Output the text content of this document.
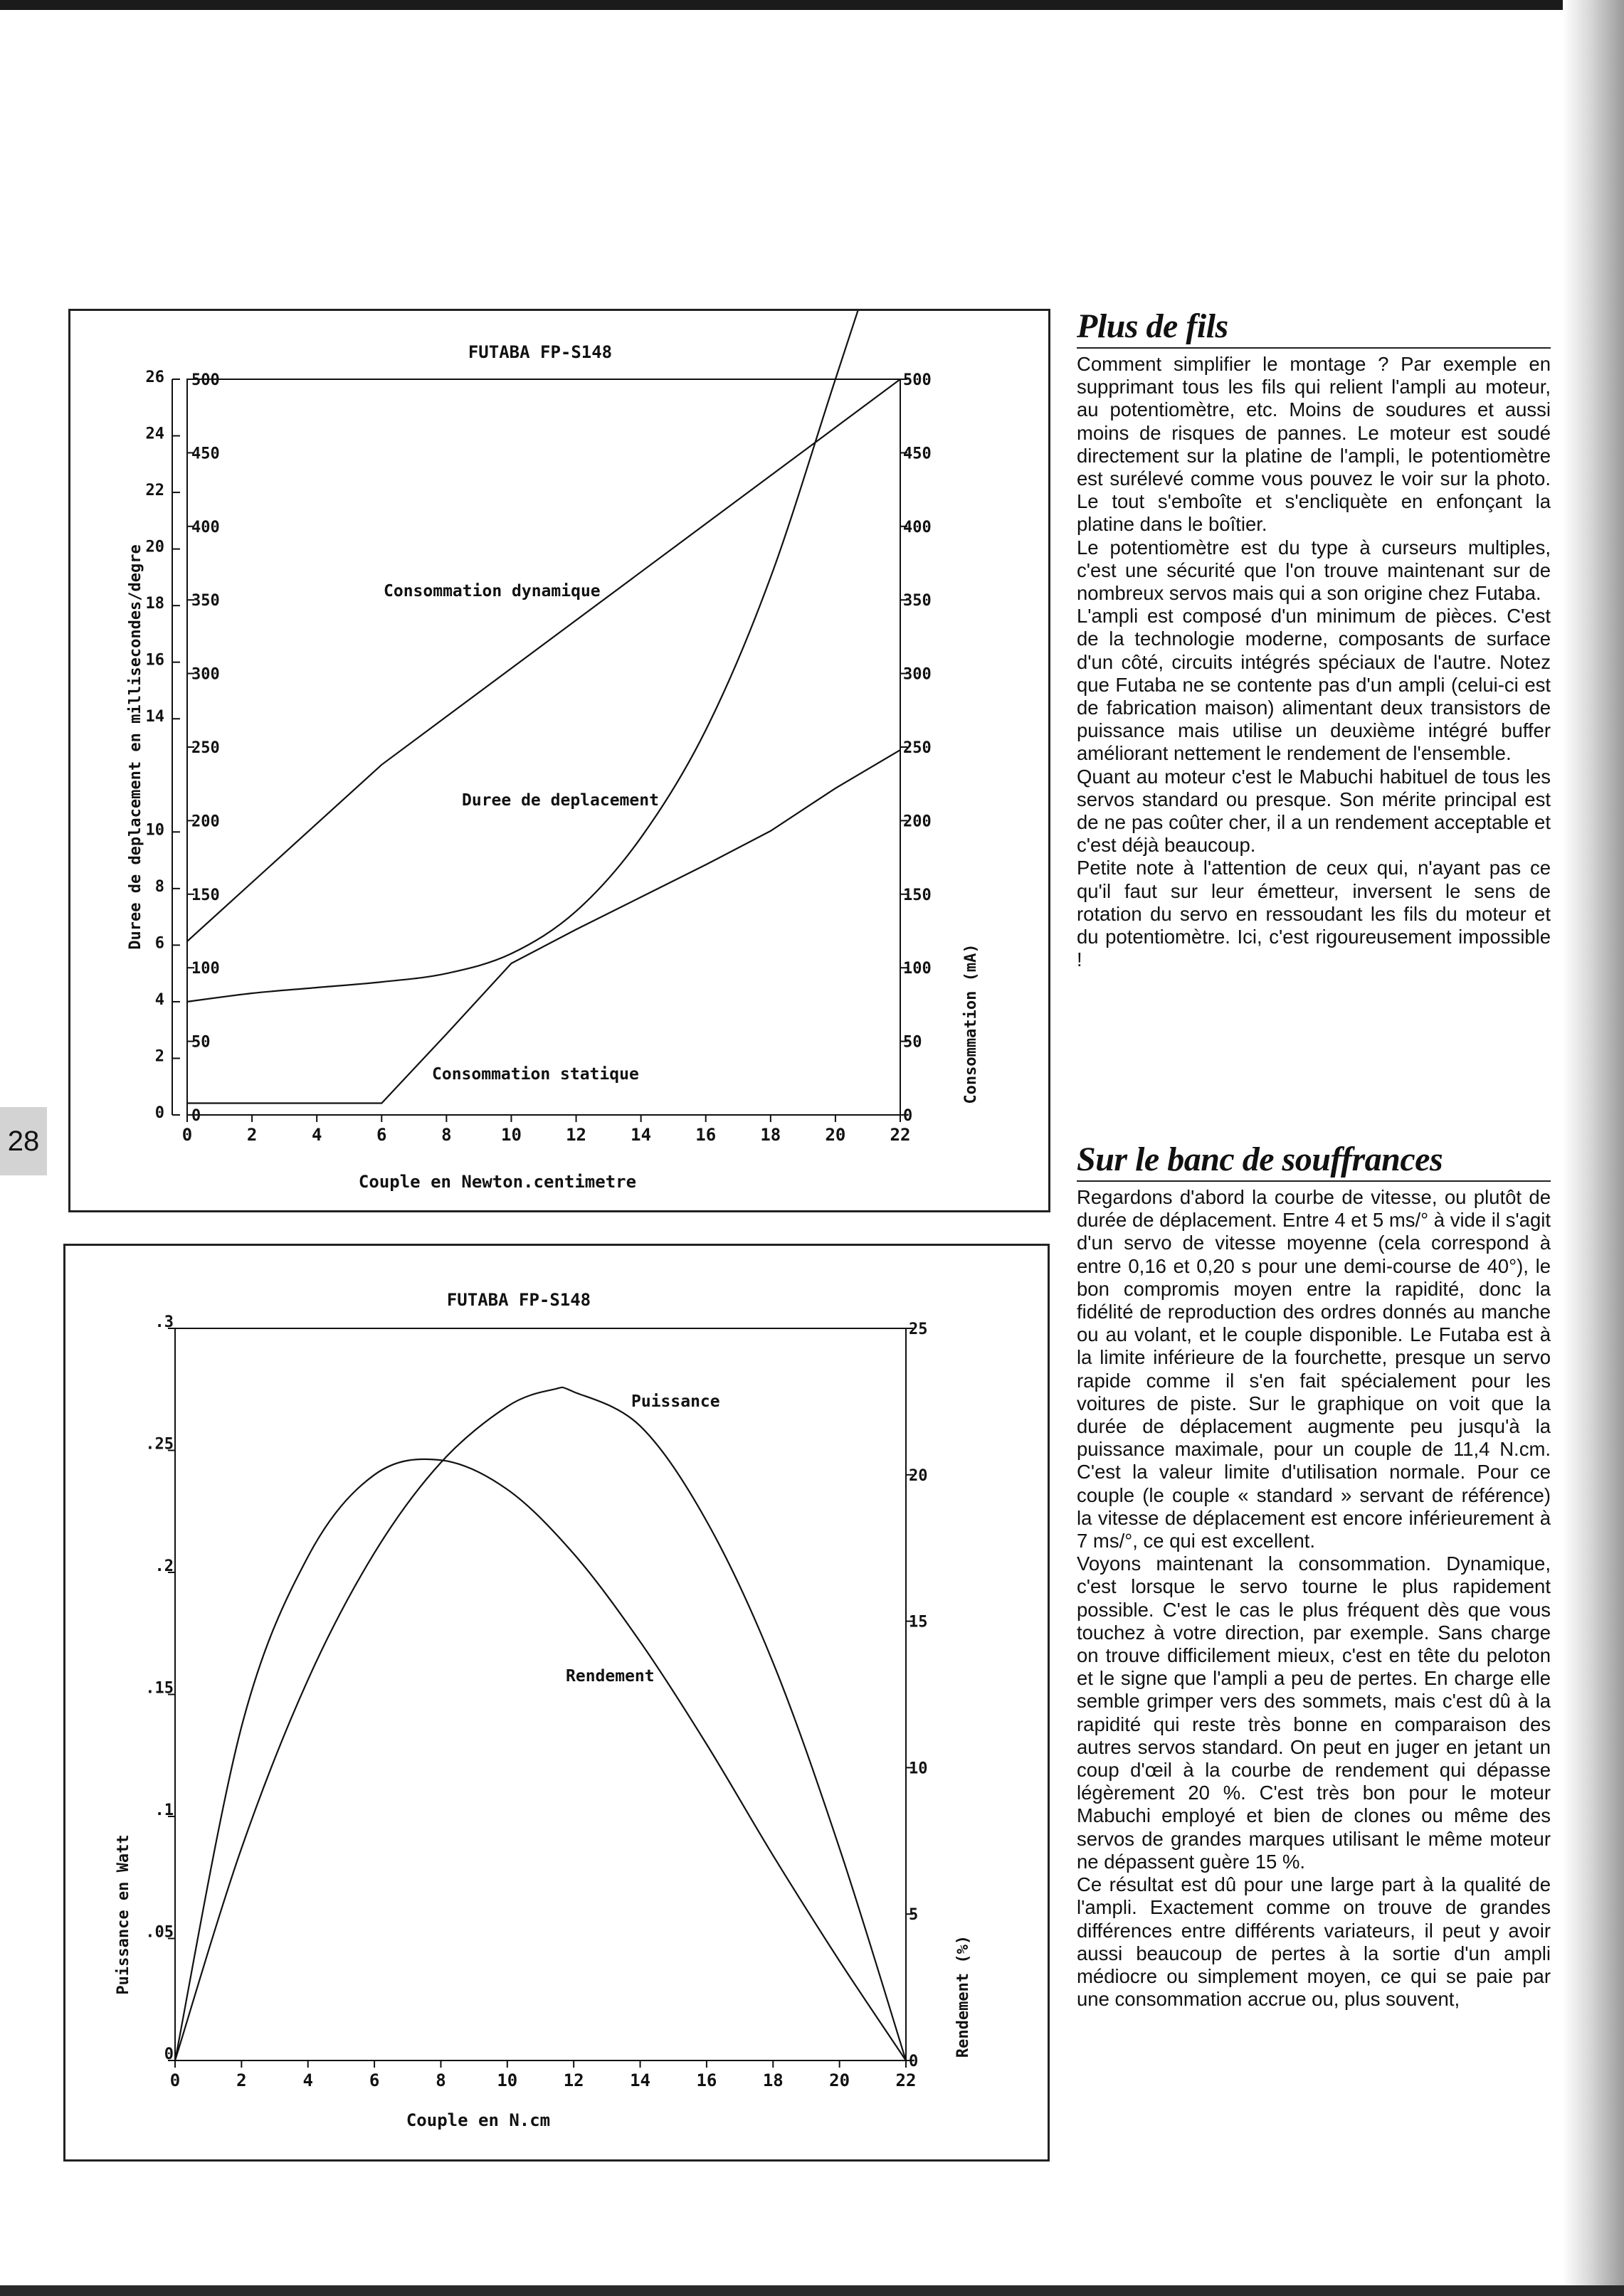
28
FUTABA FP-S148
0	2	4	6	8	10	12	14	16	18	20	22
0
2
4
6
8
10
14
16
18
20
22
24
26
0
50
100
150
200
250
300
350
400
450
500
0
50
100
150
200
250
300
350
400
450
500
Consommation dynamique
Duree de deplacement
Consommation statique
Couple en Newton.centimetre
Duree de deplacement en millisecondes/degre
Consommation (mA)
FUTABA FP-S148
0	2	4	6	8	10	12	14	16	18	20	22
0
.05
.1
.15
.2
.25
.3
0
5
10
15
20
25
Puissance
Rendement
Couple en N.cm
Puissance en Watt
Rendement (%)
Plus de fils

Comment simplifier le montage ? Par exemple en supprimant tous les fils qui relient l'ampli au moteur, au potentiomètre, etc. Moins de soudures et aussi moins de risques de pannes. Le moteur est soudé directement sur la platine de l'ampli, le potentiomètre est surélevé comme vous pouvez le voir sur la photo. Le tout s'emboîte et s'encliquète en enfonçant la platine dans le boîtier.

Le potentiomètre est du type à curseurs multiples, c'est une sécurité que l'on trouve maintenant sur de nombreux servos mais qui a son origine chez Futaba.

L'ampli est composé d'un minimum de pièces. C'est de la technologie moderne, composants de surface d'un côté, circuits intégrés spéciaux de l'autre. Notez que Futaba ne se contente pas d'un ampli (celui-ci est de fabrication maison) alimentant deux transistors de puissance mais utilise un deuxième intégré buffer améliorant nettement le rendement de l'ensemble.

Quant au moteur c'est le Mabuchi habituel de tous les servos standard ou presque. Son mérite principal est de ne pas coûter cher, il a un rendement acceptable et c'est déjà beaucoup.

Petite note à l'attention de ceux qui, n'ayant pas ce qu'il faut sur leur émetteur, inversent le sens de rotation du servo en ressoudant les fils du moteur et du potentiomètre. Ici, c'est rigoureusement impossible !

Sur le banc de souffrances

Regardons d'abord la courbe de vitesse, ou plutôt de durée de déplacement. Entre 4 et 5 ms/° à vide il s'agit d'un servo de vitesse moyenne (cela correspond à entre 0,16 et 0,20 s pour une demi-course de 40°), le bon compromis moyen entre la rapidité, donc la fidélité de reproduction des ordres donnés au manche ou au volant, et le couple disponible. Le Futaba est à la limite inférieure de la fourchette, presque un servo rapide comme il s'en fait spécialement pour les voitures de piste. Sur le graphique on voit que la durée de déplacement augmente peu jusqu'à la puissance maximale, pour un couple de 11,4 N.cm. C'est la valeur limite d'utilisation normale. Pour ce couple (le couple « standard » servant de référence) la vitesse de déplacement est encore inférieurement à 7 ms/°, ce qui est excellent.

Voyons maintenant la consommation. Dynamique, c'est lorsque le servo tourne le plus rapidement possible. C'est le cas le plus fréquent dès que vous touchez à votre direction, par exemple. Sans charge on trouve difficilement mieux, c'est en tête du peloton et le signe que l'ampli a peu de pertes. En charge elle semble grimper vers des sommets, mais c'est dû à la rapidité qui reste très bonne en comparaison des autres servos standard. On peut en juger en jetant un coup d'œil à la courbe de rendement qui dépasse légèrement 20 %. C'est très bon pour le moteur Mabuchi employé et bien de clones ou même des servos de grandes marques utilisant le même moteur ne dépassent guère 15 %.

Ce résultat est dû pour une large part à la qualité de l'ampli. Exactement comme on trouve de grandes différences entre différents variateurs, il peut y avoir aussi beaucoup de pertes à la sortie d'un ampli médiocre ou simplement moyen, ce qui se paie par une consommation accrue ou, plus souvent,
